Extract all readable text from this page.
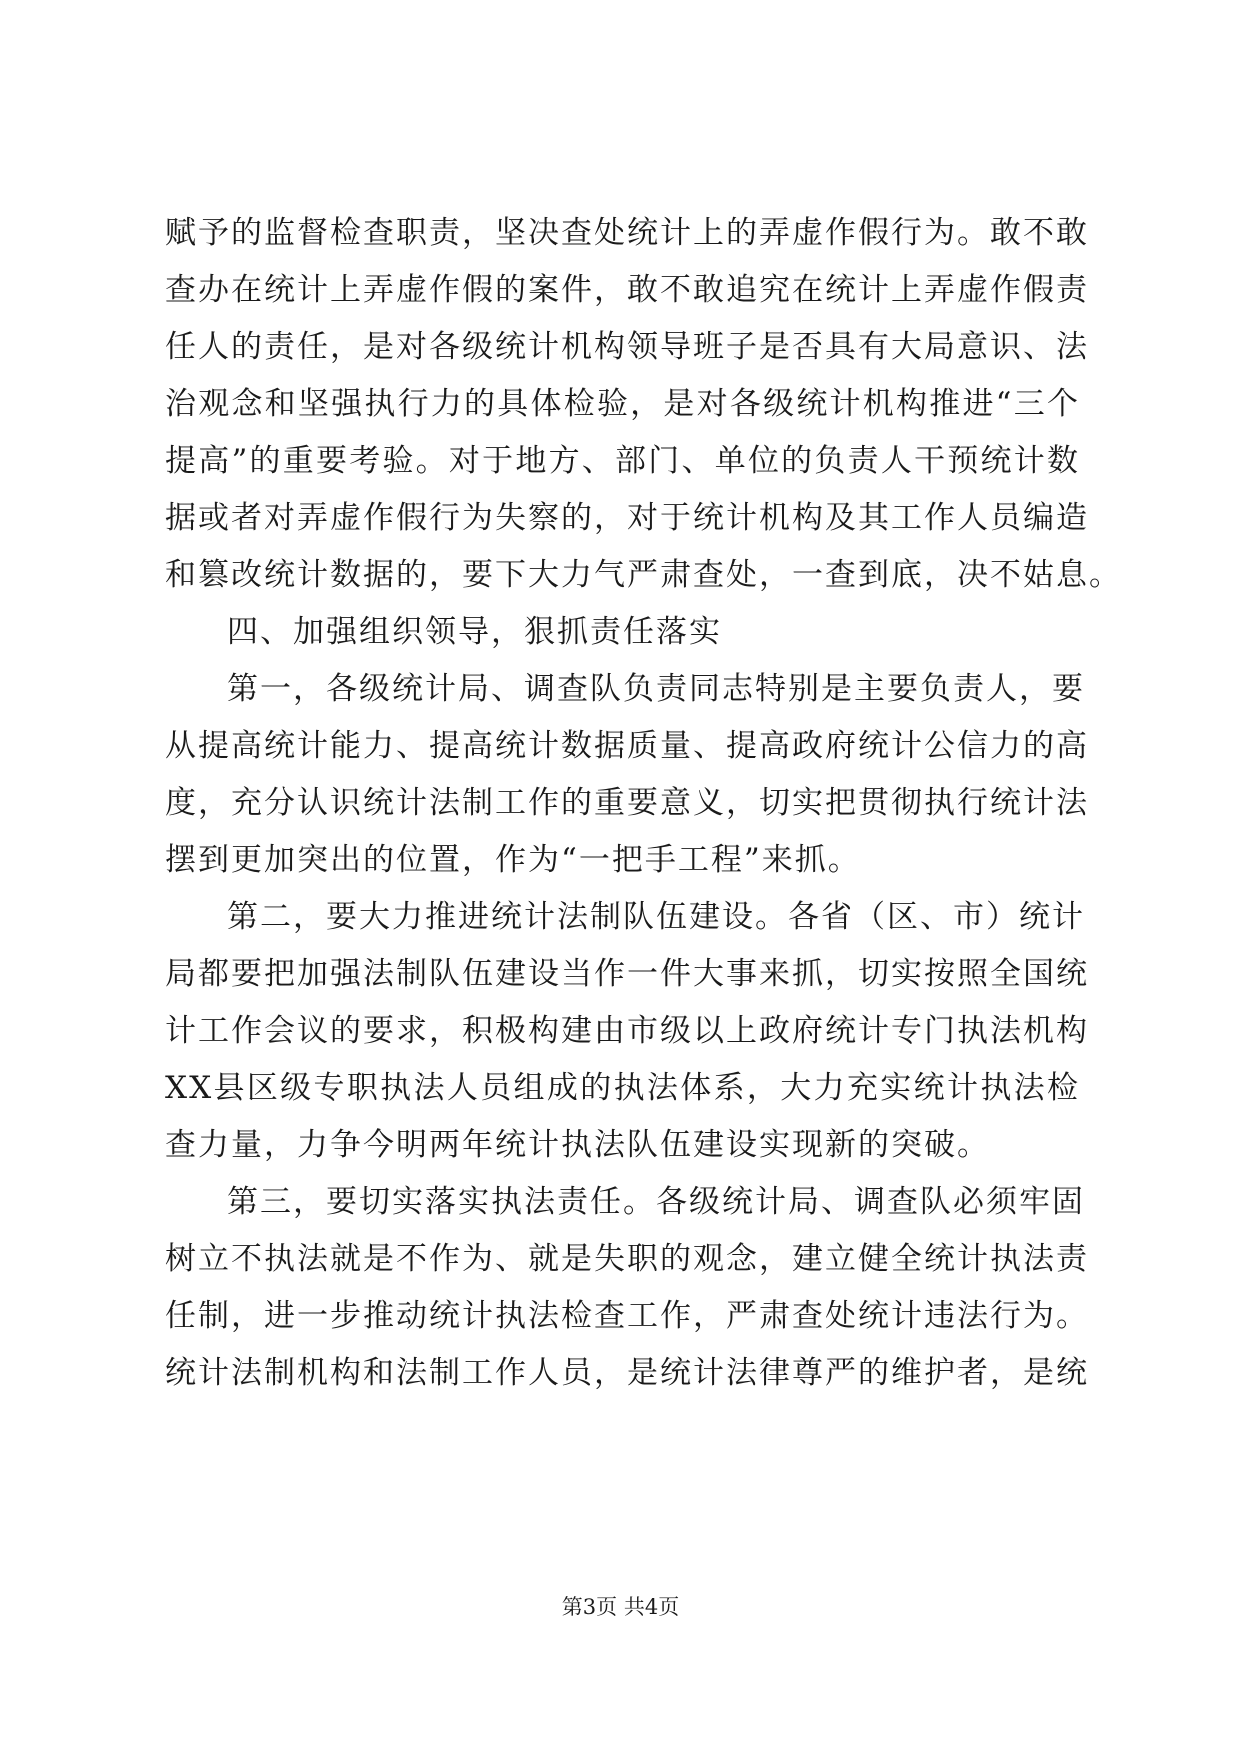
赋予的监督检查职责，坚决查处统计上的弄虚作假行为。敢不敢
查办在统计上弄虚作假的案件，敢不敢追究在统计上弄虚作假责
任人的责任，是对各级统计机构领导班子是否具有大局意识、法
治观念和坚强执行力的具体检验，是对各级统计机构推进“三个
提高”的重要考验。对于地方、部门、单位的负责人干预统计数
据或者对弄虚作假行为失察的，对于统计机构及其工作人员编造
和篡改统计数据的，要下大力气严肃查处，一查到底，决不姑息。
四、加强组织领导，狠抓责任落实
第一，各级统计局、调查队负责同志特别是主要负责人，要
从提高统计能力、提高统计数据质量、提高政府统计公信力的高
度，充分认识统计法制工作的重要意义，切实把贯彻执行统计法
摆到更加突出的位置，作为“一把手工程”来抓。
第二，要大力推进统计法制队伍建设。各省（区、市）统计
局都要把加强法制队伍建设当作一件大事来抓，切实按照全国统
计工作会议的要求，积极构建由市级以上政府统计专门执法机构
XX县区级专职执法人员组成的执法体系，大力充实统计执法检
查力量，力争今明两年统计执法队伍建设实现新的突破。
第三，要切实落实执法责任。各级统计局、调查队必须牢固
树立不执法就是不作为、就是失职的观念，建立健全统计执法责
任制，进一步推动统计执法检查工作，严肃查处统计违法行为。
统计法制机构和法制工作人员，是统计法律尊严的维护者，是统
第3页 共4页
